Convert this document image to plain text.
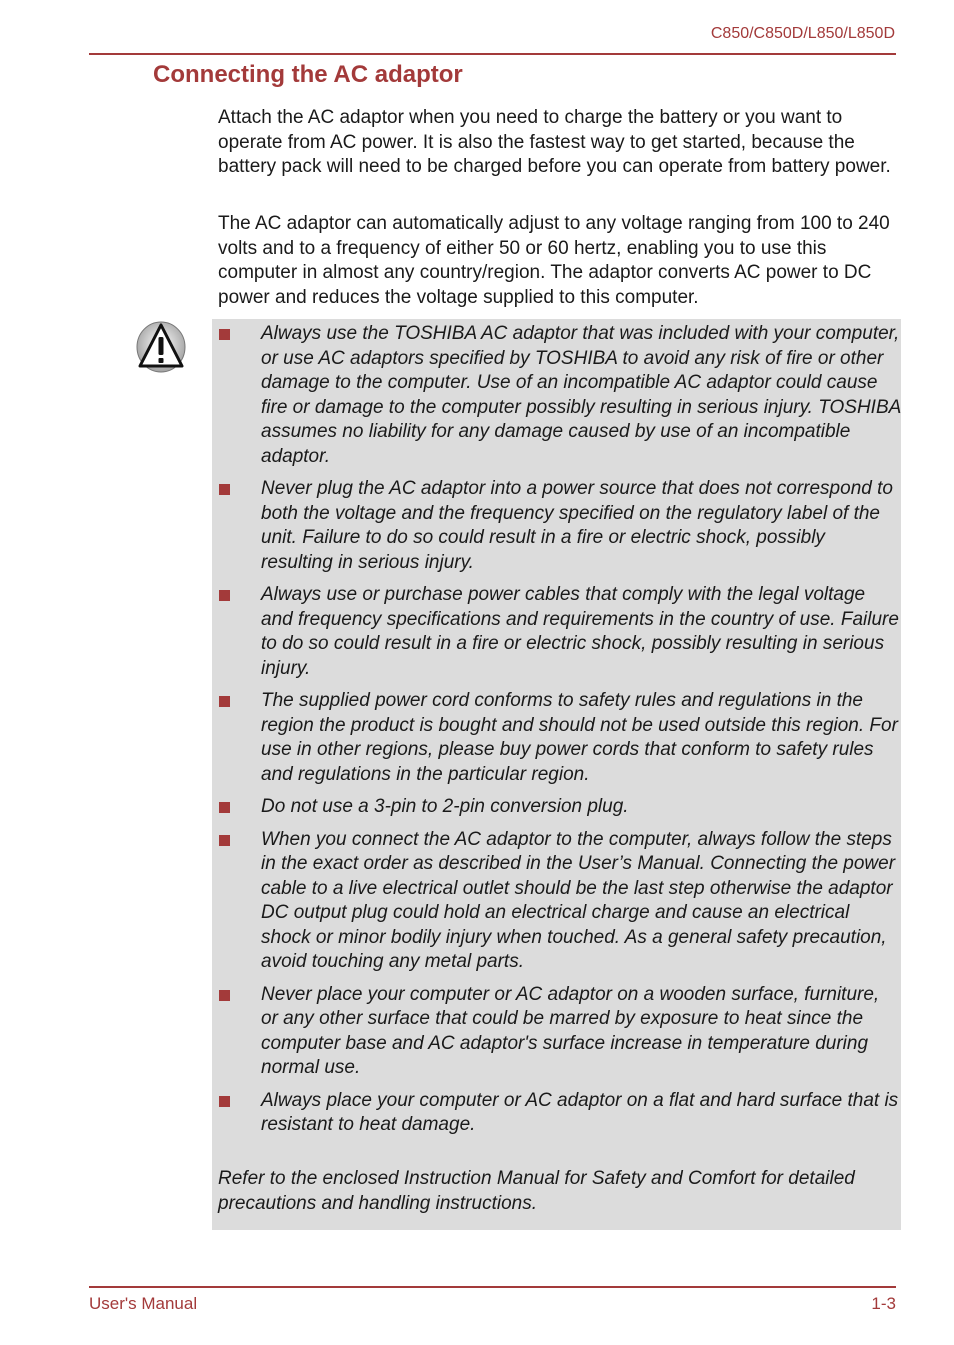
C850/C850D/L850/L850D
Connecting the AC adaptor

Attach the AC adaptor when you need to charge the battery or you want to operate from AC power. It is also the fastest way to get started, because the battery pack will need to be charged before you can operate from battery power.

The AC adaptor can automatically adjust to any voltage ranging from 100 to 240 volts and to a frequency of either 50 or 60 hertz, enabling you to use this computer in almost any country/region. The adaptor converts AC power to DC power and reduces the voltage supplied to this computer.

Always use the TOSHIBA AC adaptor that was included with your computer, or use AC adaptors specified by TOSHIBA to avoid any risk of fire or other damage to the computer. Use of an incompatible AC adaptor could cause fire or damage to the computer possibly resulting in serious injury. TOSHIBA assumes no liability for any damage caused by use of an incompatible adaptor.
Never plug the AC adaptor into a power source that does not correspond to both the voltage and the frequency specified on the regulatory label of the unit. Failure to do so could result in a fire or electric shock, possibly resulting in serious injury.
Always use or purchase power cables that comply with the legal voltage and frequency specifications and requirements in the country of use. Failure to do so could result in a fire or electric shock, possibly resulting in serious injury.
The supplied power cord conforms to safety rules and regulations in the region the product is bought and should not be used outside this region. For use in other regions, please buy power cords that conform to safety rules and regulations in the particular region.
Do not use a 3-pin to 2-pin conversion plug.
When you connect the AC adaptor to the computer, always follow the steps in the exact order as described in the User’s Manual. Connecting the power cable to a live electrical outlet should be the last step otherwise the adaptor DC output plug could hold an electrical charge and cause an electrical shock or minor bodily injury when touched. As a general safety precaution, avoid touching any metal parts.
Never place your computer or AC adaptor on a wooden surface, furniture, or any other surface that could be marred by exposure to heat since the computer base and AC adaptor's surface increase in temperature during normal use.
Always place your computer or AC adaptor on a flat and hard surface that is resistant to heat damage.

Refer to the enclosed Instruction Manual for Safety and Comfort for detailed precautions and handling instructions.

User's Manual	1-3
